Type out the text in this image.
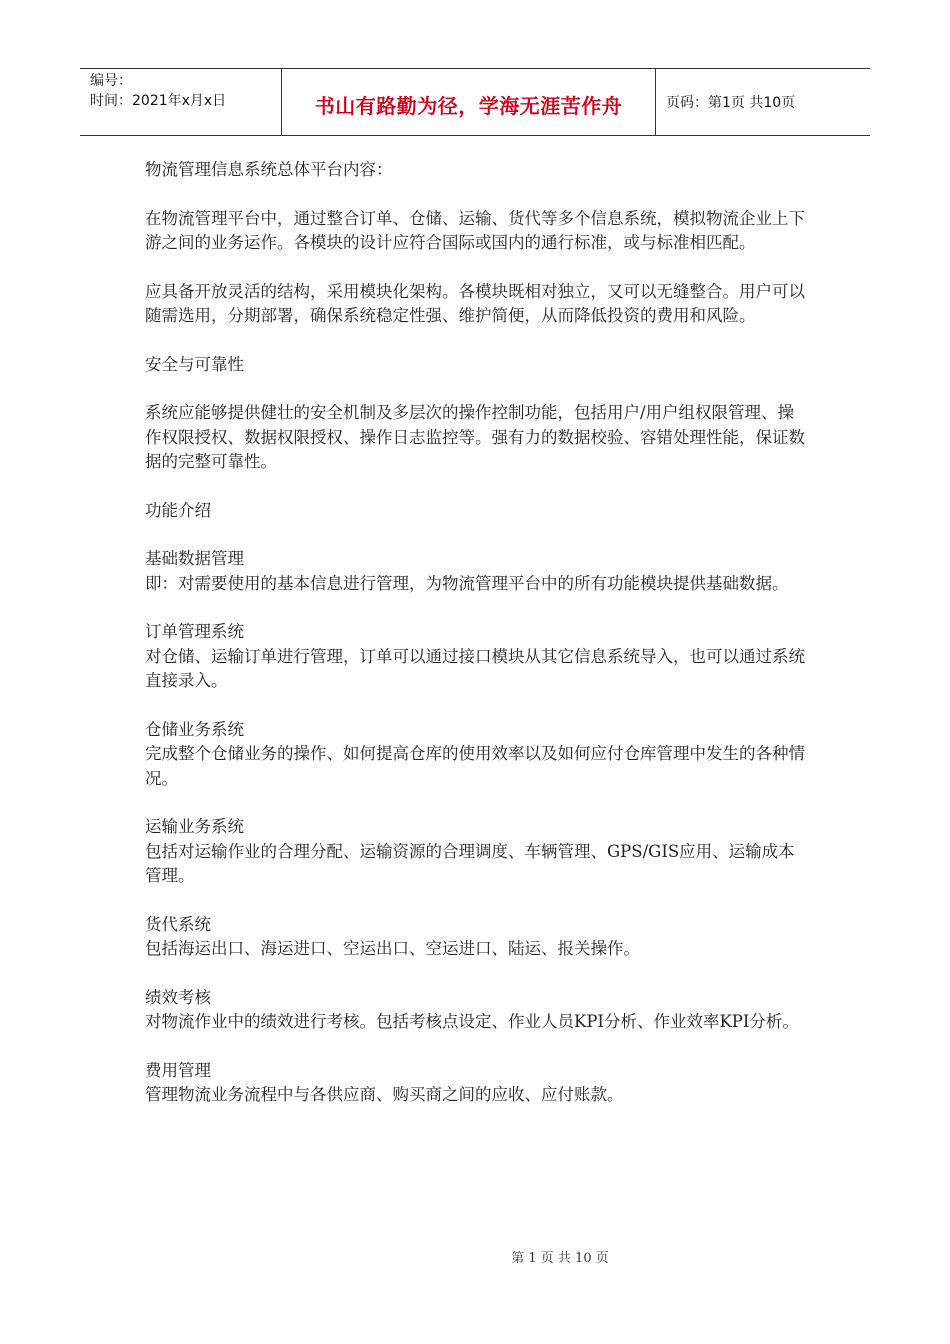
编号：
时间：2021年x月x日	书山有路勤为径，学海无涯苦作舟	页码：第1页 共10页

物流管理信息系统总体平台内容：

在物流管理平台中，通过整合订单、仓储、运输、货代等多个信息系统，模拟物流企业上下游之间的业务运作。各模块的设计应符合国际或国内的通行标准，或与标准相匹配。

应具备开放灵活的结构，采用模块化架构。各模块既相对独立，又可以无缝整合。用户可以随需选用，分期部署，确保系统稳定性强、维护简便，从而降低投资的费用和风险。

安全与可靠性

系统应能够提供健壮的安全机制及多层次的操作控制功能，包括用户/用户组权限管理、操作权限授权、数据权限授权、操作日志监控等。强有力的数据校验、容错处理性能，保证数据的完整可靠性。

功能介绍

基础数据管理
即：对需要使用的基本信息进行管理，为物流管理平台中的所有功能模块提供基础数据。
订单管理系统
对仓储、运输订单进行管理，订单可以通过接口模块从其它信息系统导入，也可以通过系统直接录入。
仓储业务系统
完成整个仓储业务的操作、如何提高仓库的使用效率以及如何应付仓库管理中发生的各种情况。
运输业务系统
包括对运输作业的合理分配、运输资源的合理调度、车辆管理、GPS/GIS应用、运输成本管理。
货代系统
包括海运出口、海运进口、空运出口、空运进口、陆运、报关操作。
绩效考核
对物流作业中的绩效进行考核。包括考核点设定、作业人员KPI分析、作业效率KPI分析。
费用管理
管理物流业务流程中与各供应商、购买商之间的应收、应付账款。
第 1 页 共 10 页
